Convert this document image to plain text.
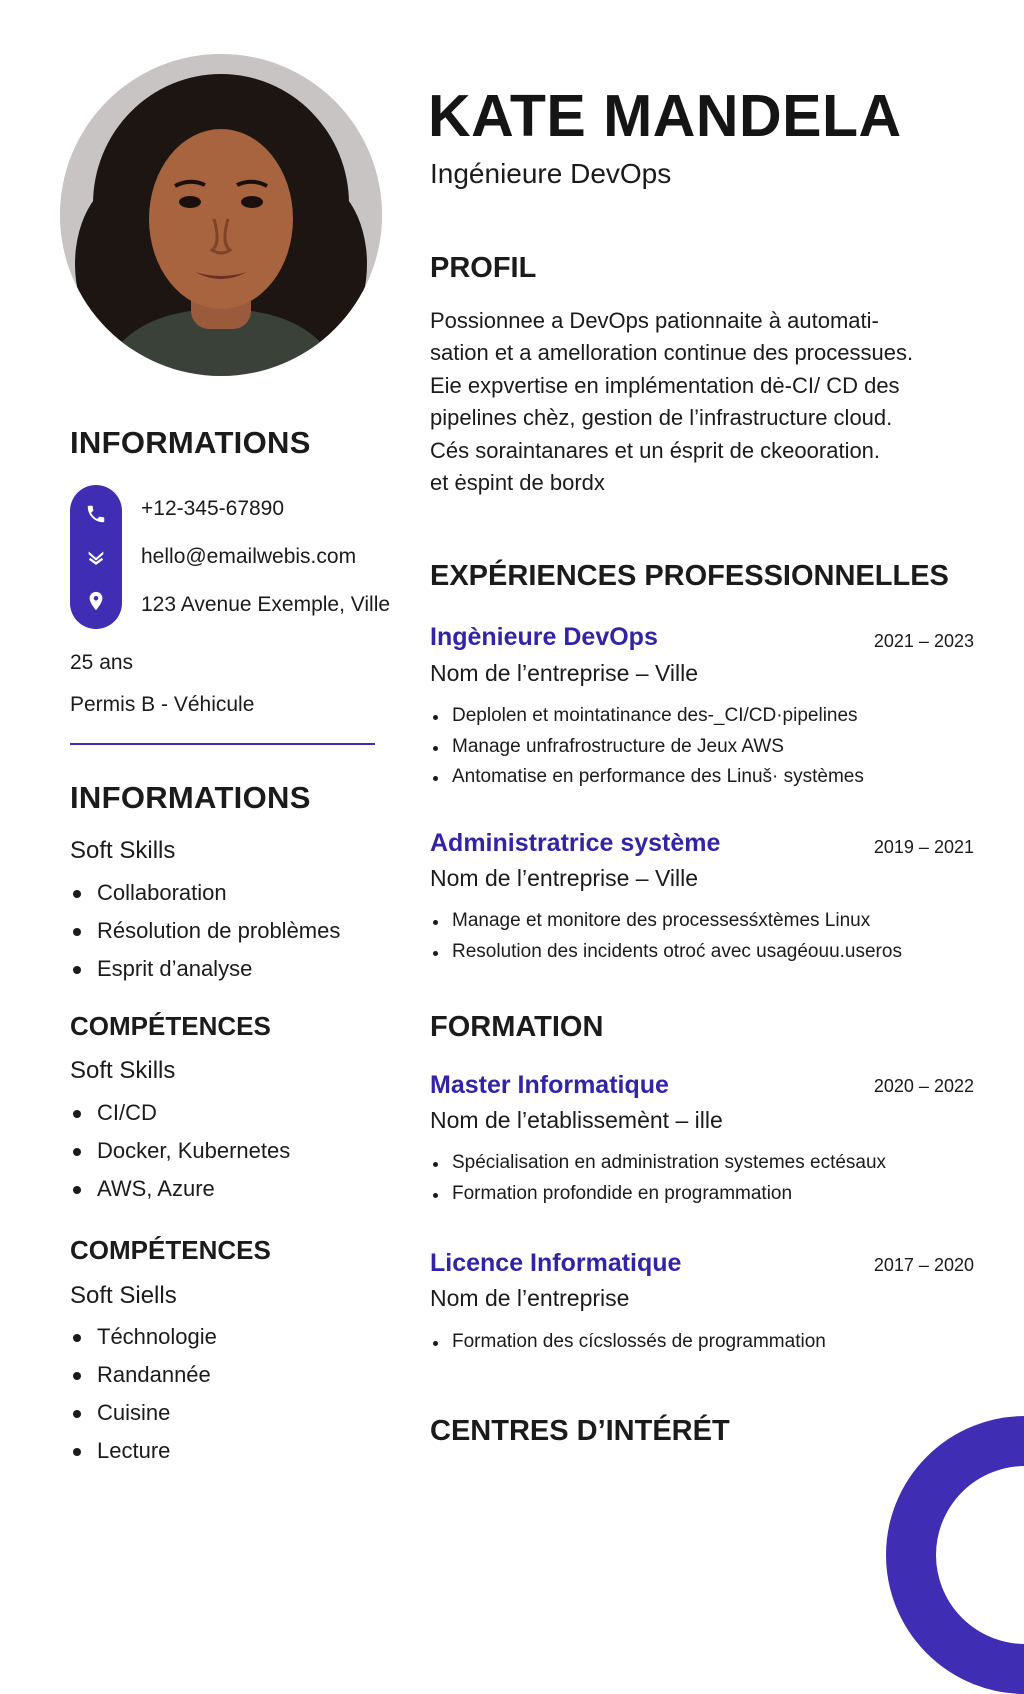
INFORMATIONS
+12-345-67890
hello@emailwebis.com
123 Avenue Exemple, Ville
25 ans
Permis B - Véhicule
INFORMATIONS
Soft Skills
Collaboration
Résolution de problèmes
Esprit d’analyse
COMPÉTENCES
Soft Skills
CI/CD
Docker, Kubernetes
AWS, Azure
COMPÉTENCES
Soft Siells
Téchnologie
Randannée
Cuisine
Lecture
KATE MANDELA
Ingénieure DevOps
PROFIL
Possionnee a DevOps pationnaite à automati-
sation et a amelloration continue des processues.
Eie expvertise en implémentation dė-CI/ CD des
pipelines chèz, gestion de l’infrastructure cloud.
Cés soraintanares et un ésprit de ckeooration.
et ėspint de bordx
EXPÉRIENCES PROFESSIONNELLES
Ingènieure DevOps	2021 – 2023
Nom de l’entreprise – Ville
Deplolen et mointatinance des-_CI/CD·pipelines
Manage unfrafrostructure de Jeux AWS
Antomatise en performance des Linuš· systèmes
Administratrice système	2019 – 2021
Nom de l’entreprise – Ville
Manage et monitore des processesśxtèmes Linux
Resolution des incidents otroć avec usagéouu.useros
FORMATION
Master Informatique	2020 – 2022
Nom de l’etablissemènt – ille
Spécialisation en administration systemes ectésaux
Formation profondide en programmation
Licence Informatique	2017 – 2020
Nom de l’entreprise
Formation des cícslossés de programmation
CENTRES D’INTÉRÉT
